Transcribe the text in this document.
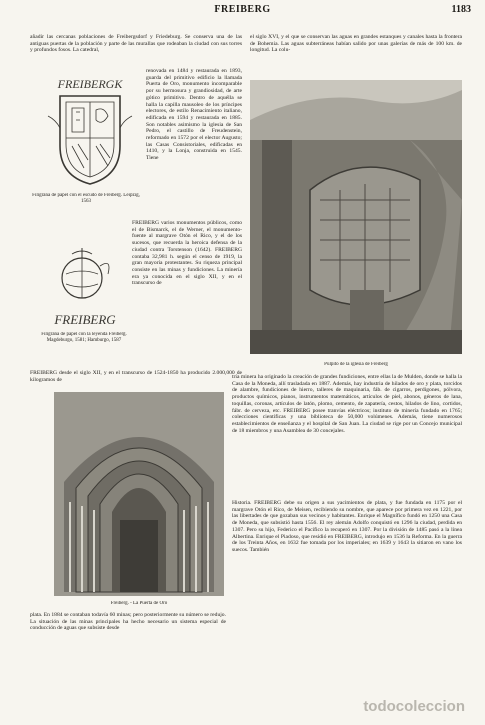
FREIBERG	1183
añadir las cercanas poblaciones de Freibergsdorf y Friedeburg. Se conserva una de las antiguas puertas de la población y parte de las murallas que rodeaban la ciudad con sus torres y profundos fosos. La catedral,
FREIBERGK
Filigrana de papel con el escudo de Freiberg. Leipzig, 1563
renovada en 1484 y restaurada en 1893, guarda del primitivo edificio la llamada Puerta de Oro, monumento incomparable por su hermosura y grandiosidad, de arte gótico primitivo. Dentro de aquélla se halla la capilla mausoleo de los príncipes electores, de estilo Renacimiento italiano, edificada en 1594 y restaurada en 1885. Son notables asimismo la iglesia de San Pedro, el castillo de Freudenstein, reformado en 1572 por el elector Augusto; las Casas Consistoriales, edificadas en 1410, y la Lonja, construida en 1545. Tiene
FREIBERG
Filigrana de papel con la leyenda Freiberg. Magdeburgo, 1581; Hamburgo, 1587
FREIBERG varios monumentos públicos, como el de Bismarck, el de Werner, el monumento-fuente al margrave Otón el Rico, y el de los sucesos, que recuerda la heroica defensa de la ciudad contra Torstenson (1642). FREIBERG contaba 32,981 h. según el censo de 1919, la gran mayoría protestantes. Su riqueza principal consiste en las minas y fundiciones. La minería era ya conocida en el siglo XII, y en el transcurso de
FREIBERG desde el siglo XII, y en el transcurso de 1524-1850 ha producido 2.000,000 de kilogramos de
el siglo XVI, y el que se conservan las aguas en grandes estanques y canales hasta la frontera de Bohemia. Las aguas subterráneas habían salido por unas galerías de más de 100 km. de longitud. La colu-
Púlpito de la iglesia de Freiberg
Freiberg. - La Puerta de Oro
tría minera ha originado la creación de grandes fundiciones, entre ellas la de Mulden, donde se halla la Casa de la Moneda, allí trasladada en 1887. Además, hay industria de hilados de oro y plata, torcidos de alambre, fundiciones de hierro, talleres de maquinaria, fáb. de cigarros, perdigones, pólvora, productos químicos, pianos, instrumentos matemáticos, artículos de piel, abonos, géneros de lana, toquillas, coronas, artículos de latón, plomo, cemento, de zapatería, cestos, hilados de lino, cortidos, fábr. de cerveza, etc. FREIBERG posee tranvías eléctricos; instituto de minería fundado en 1765; colecciones científicas y una biblioteca de 50,000 volúmenes. Además, tiene numerosos establecimientos de enseñanza y el hospital de San Juan. La ciudad se rige por un Concejo municipal de 18 miembros y una Asamblea de 30 concejales.
Historia. FREIBERG debe su origen a sus yacimientos de plata, y fue fundada en 1175 por el margrave Otón el Rico, de Meisen, recibiendo su nombre, que aparece por primera vez en 1221, por las libertades de que gozaban sus vecinos y habitantes. Enrique el Magnífico fundó en 1250 una Casa de Moneda, que subsistió hasta 1556. El rey alemán Adolfo conquistó en 1296 la ciudad, perdida en 1307. Pero su hijo, Federico el Pacífico la recuperó en 1307. Por la división de 1485 pasó a la línea Albertina. Enrique el Piadoso, que residió en FREIBERG, introdujo en 1536 la Reforma. En la guerra de los Treinta Años, en 1632 fue tomada por los imperiales; en 1639 y 1643 la sitiaron en vano los suecos. También
plata. En 1884 se contaban todavía 60 minas; pero posteriormente su número se redujo. La situación de las minas principales ha hecho necesario un sistema especial de conducción de aguas que subsiste desde
todocoleccion
